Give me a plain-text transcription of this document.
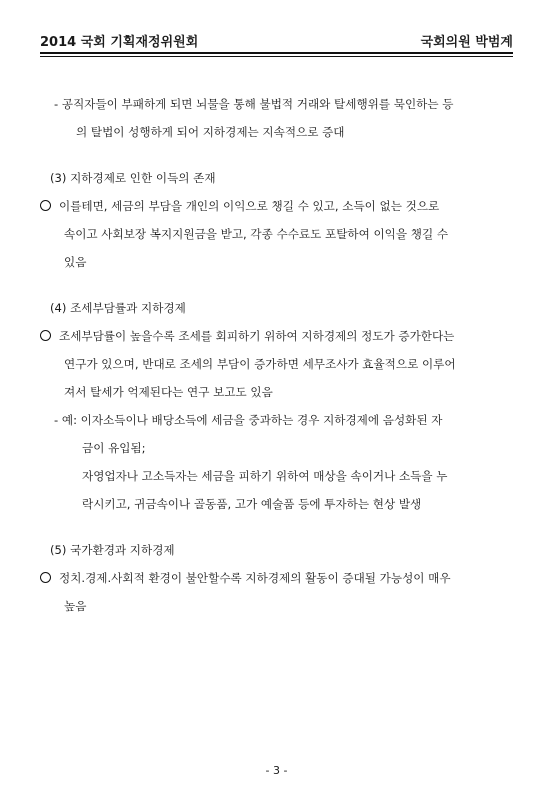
2014 국회 기획재정위원회	국회의원 박범계
- 공직자들이 부패하게 되면 뇌물을 통해 불법적 거래와 탈세행위를 묵인하는 등
의 탈법이 성행하게 되어 지하경제는 지속적으로 증대
(3) 지하경제로 인한 이득의 존재
이를테면, 세금의 부담을 개인의 이익으로 챙길 수 있고, 소득이 없는 것으로
속이고 사회보장 복지지원금을 받고, 각종 수수료도 포탈하여 이익을 챙길 수
있음
(4) 조세부담률과 지하경제
조세부담률이 높을수록 조세를 회피하기 위하여 지하경제의 정도가 증가한다는
연구가 있으며, 반대로 조세의 부담이 증가하면 세무조사가 효율적으로 이루어
져서 탈세가 억제된다는 연구 보고도 있음
- 예: 이자소득이나 배당소득에 세금을 중과하는 경우 지하경제에 음성화된 자
금이 유입됨;
자영업자나 고소득자는 세금을 피하기 위하여 매상을 속이거나 소득을 누
락시키고, 귀금속이나 골동품, 고가 예술품 등에 투자하는 현상 발생
(5) 국가환경과 지하경제
정치.경제.사회적 환경이 불안할수록 지하경제의 활동이 증대될 가능성이 매우
높음
- 3 -
